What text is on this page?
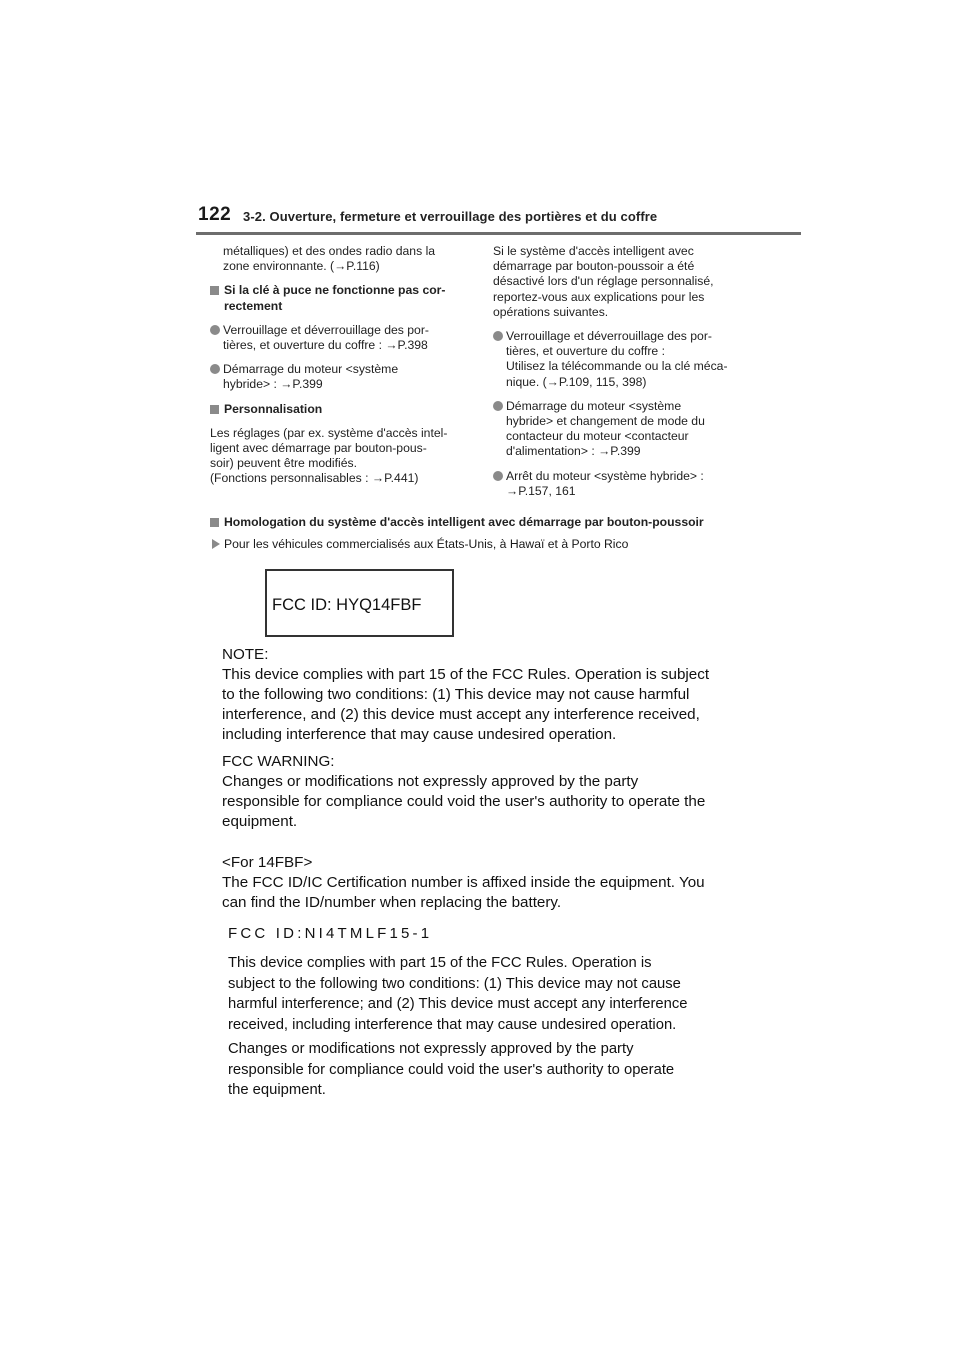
122 3-2. Ouverture, fermeture et verrouillage des portières et du coffre
métalliques) et des ondes radio dans la
zone environnante. (→P.116)
Si la clé à puce ne fonctionne pas cor-
rectement
Verrouillage et déverrouillage des por-
tières, et ouverture du coffre : →P.398
Démarrage du moteur <système
hybride> : →P.399
Personnalisation
Les réglages (par ex. système d'accès intel-
ligent avec démarrage par bouton-pous-
soir) peuvent être modifiés.
(Fonctions personnalisables : →P.441)
Si le système d'accès intelligent avec
démarrage par bouton-poussoir a été
désactivé lors d'un réglage personnalisé,
reportez-vous aux explications pour les
opérations suivantes.
Verrouillage et déverrouillage des por-
tières, et ouverture du coffre :
Utilisez la télécommande ou la clé méca-
nique. (→P.109, 115, 398)
Démarrage du moteur <système
hybride> et changement de mode du
contacteur du moteur <contacteur
d'alimentation> : →P.399
Arrêt du moteur <système hybride> :
→P.157, 161
Homologation du système d'accès intelligent avec démarrage par bouton-poussoir
Pour les véhicules commercialisés aux États-Unis, à Hawaï et à Porto Rico
FCC ID: HYQ14FBF
NOTE:
This device complies with part 15 of the FCC Rules. Operation is subject
to the following two conditions: (1) This device may not cause harmful
interference, and (2) this device must accept any interference received,
including interference that may cause undesired operation.
FCC WARNING:
Changes or modifications not expressly approved by the party
responsible for compliance could void the user's authority to operate the
equipment.
<For 14FBF>
The FCC ID/IC Certification number is affixed inside the equipment. You
can find the ID/number when replacing the battery.
FCC ID:NI4TMLF15-1
This device complies with part 15 of the FCC Rules. Operation is
subject to the following two conditions: (1) This device may not cause
harmful interference; and (2) This device must accept any interference
received, including interference that may cause undesired operation.
Changes or modifications not expressly approved by the party
responsible for compliance could void the user's authority to operate
the equipment.
